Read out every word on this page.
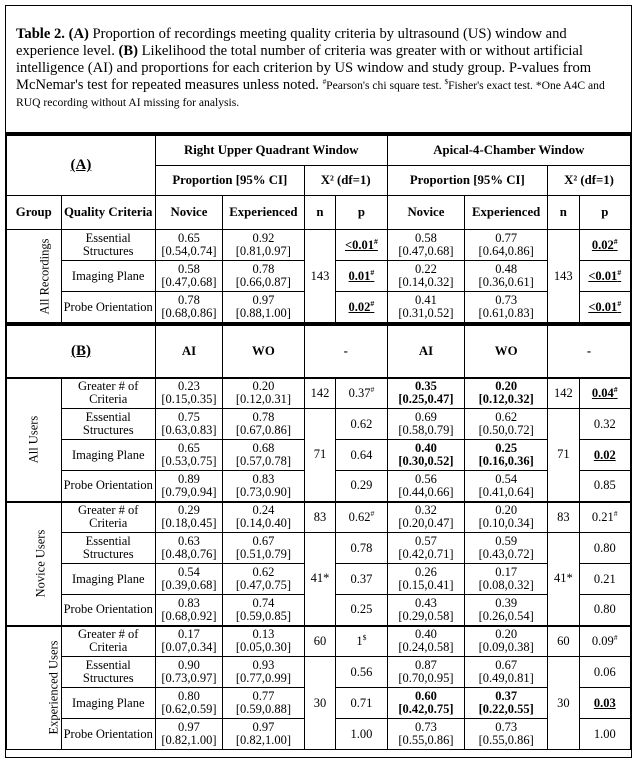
Table 2. (A) Proportion of recordings meeting quality criteria by ultrasound (US) window and experience level. (B) Likelihood the total number of criteria was greater with or without artificial intelligence (AI) and proportions for each criterion by US window and study group. P-values from McNemar's test for repeated measures unless noted. #Pearson's chi square test. $Fisher's exact test. *One A4C and RUQ recording without AI missing for analysis.
(A)		Right Upper Quadrant Window				Apical-4-Chamber Window			
		Proportion [95% CI]		X² (df=1)		Proportion [95% CI]		X² (df=1)	
Group	Quality Criteria	Novice	Experienced	n	p	Novice	Experienced	n	p
All Recordings	Essential Structures	0.65
[0.54,0.74]	0.92
[0.81,0.97]	143	<0.01#	0.58
[0.47,0.68]	0.77
[0.64,0.86]	143	0.02#
	Imaging Plane	0.58
[0.47,0.68]	0.78
[0.66,0.87]		0.01#	0.22
[0.14,0.32]	0.48
[0.36,0.61]		<0.01#
	Probe Orientation	0.78
[0.68,0.86]	0.97
[0.88,1.00]		0.02#	0.41
[0.31,0.52]	0.73
[0.61,0.83]		<0.01#
(B)		AI	WO	-		AI	WO	-	
All Users	Greater # of Criteria	0.23
[0.15,0.35]	0.20
[0.12,0.31]	142	0.37#	0.35
[0.25,0.47]	0.20
[0.12,0.32]	142	0.04#
	Essential Structures	0.75
[0.63,0.83]	0.78
[0.67,0.86]	71	0.62	0.69
[0.58,0.79]	0.62
[0.50,0.72]	71	0.32
	Imaging Plane	0.65
[0.53,0.75]	0.68
[0.57,0.78]		0.64	0.40
[0.30,0.52]	0.25
[0.16,0.36]		0.02
	Probe Orientation	0.89
[0.79,0.94]	0.83
[0.73,0.90]		0.29	0.56
[0.44,0.66]	0.54
[0.41,0.64]		0.85
Novice Users	Greater # of Criteria	0.29
[0.18,0.45]	0.24
[0.14,0.40]	83	0.62#	0.32
[0.20,0.47]	0.20
[0.10,0.34]	83	0.21#
	Essential Structures	0.63
[0.48,0.76]	0.67
[0.51,0.79]	41*	0.78	0.57
[0.42,0.71]	0.59
[0.43,0.72]	41*	0.80
	Imaging Plane	0.54
[0.39,0.68]	0.62
[0.47,0.75]		0.37	0.26
[0.15,0.41]	0.17
[0.08,0.32]		0.21
	Probe Orientation	0.83
[0.68,0.92]	0.74
[0.59,0.85]		0.25	0.43
[0.29,0.58]	0.39
[0.26,0.54]		0.80
Experienced Users	Greater # of Criteria	0.17
[0.07,0.34]	0.13
[0.05,0.30]	60	1$	0.40
[0.24,0.58]	0.20
[0.09,0.38]	60	0.09#
	Essential Structures	0.90
[0.73,0.97]	0.93
[0.77,0.99]	30	0.56	0.87
[0.70,0.95]	0.67
[0.49,0.81]	30	0.06
	Imaging Plane	0.80
[0.62,0.59]	0.77
[0.59,0.88]		0.71	0.60
[0.42,0.75]	0.37
[0.22,0.55]		0.03
	Probe Orientation	0.97
[0.82,1.00]	0.97
[0.82,1.00]		1.00	0.73
[0.55,0.86]	0.73
[0.55,0.86]		1.00
